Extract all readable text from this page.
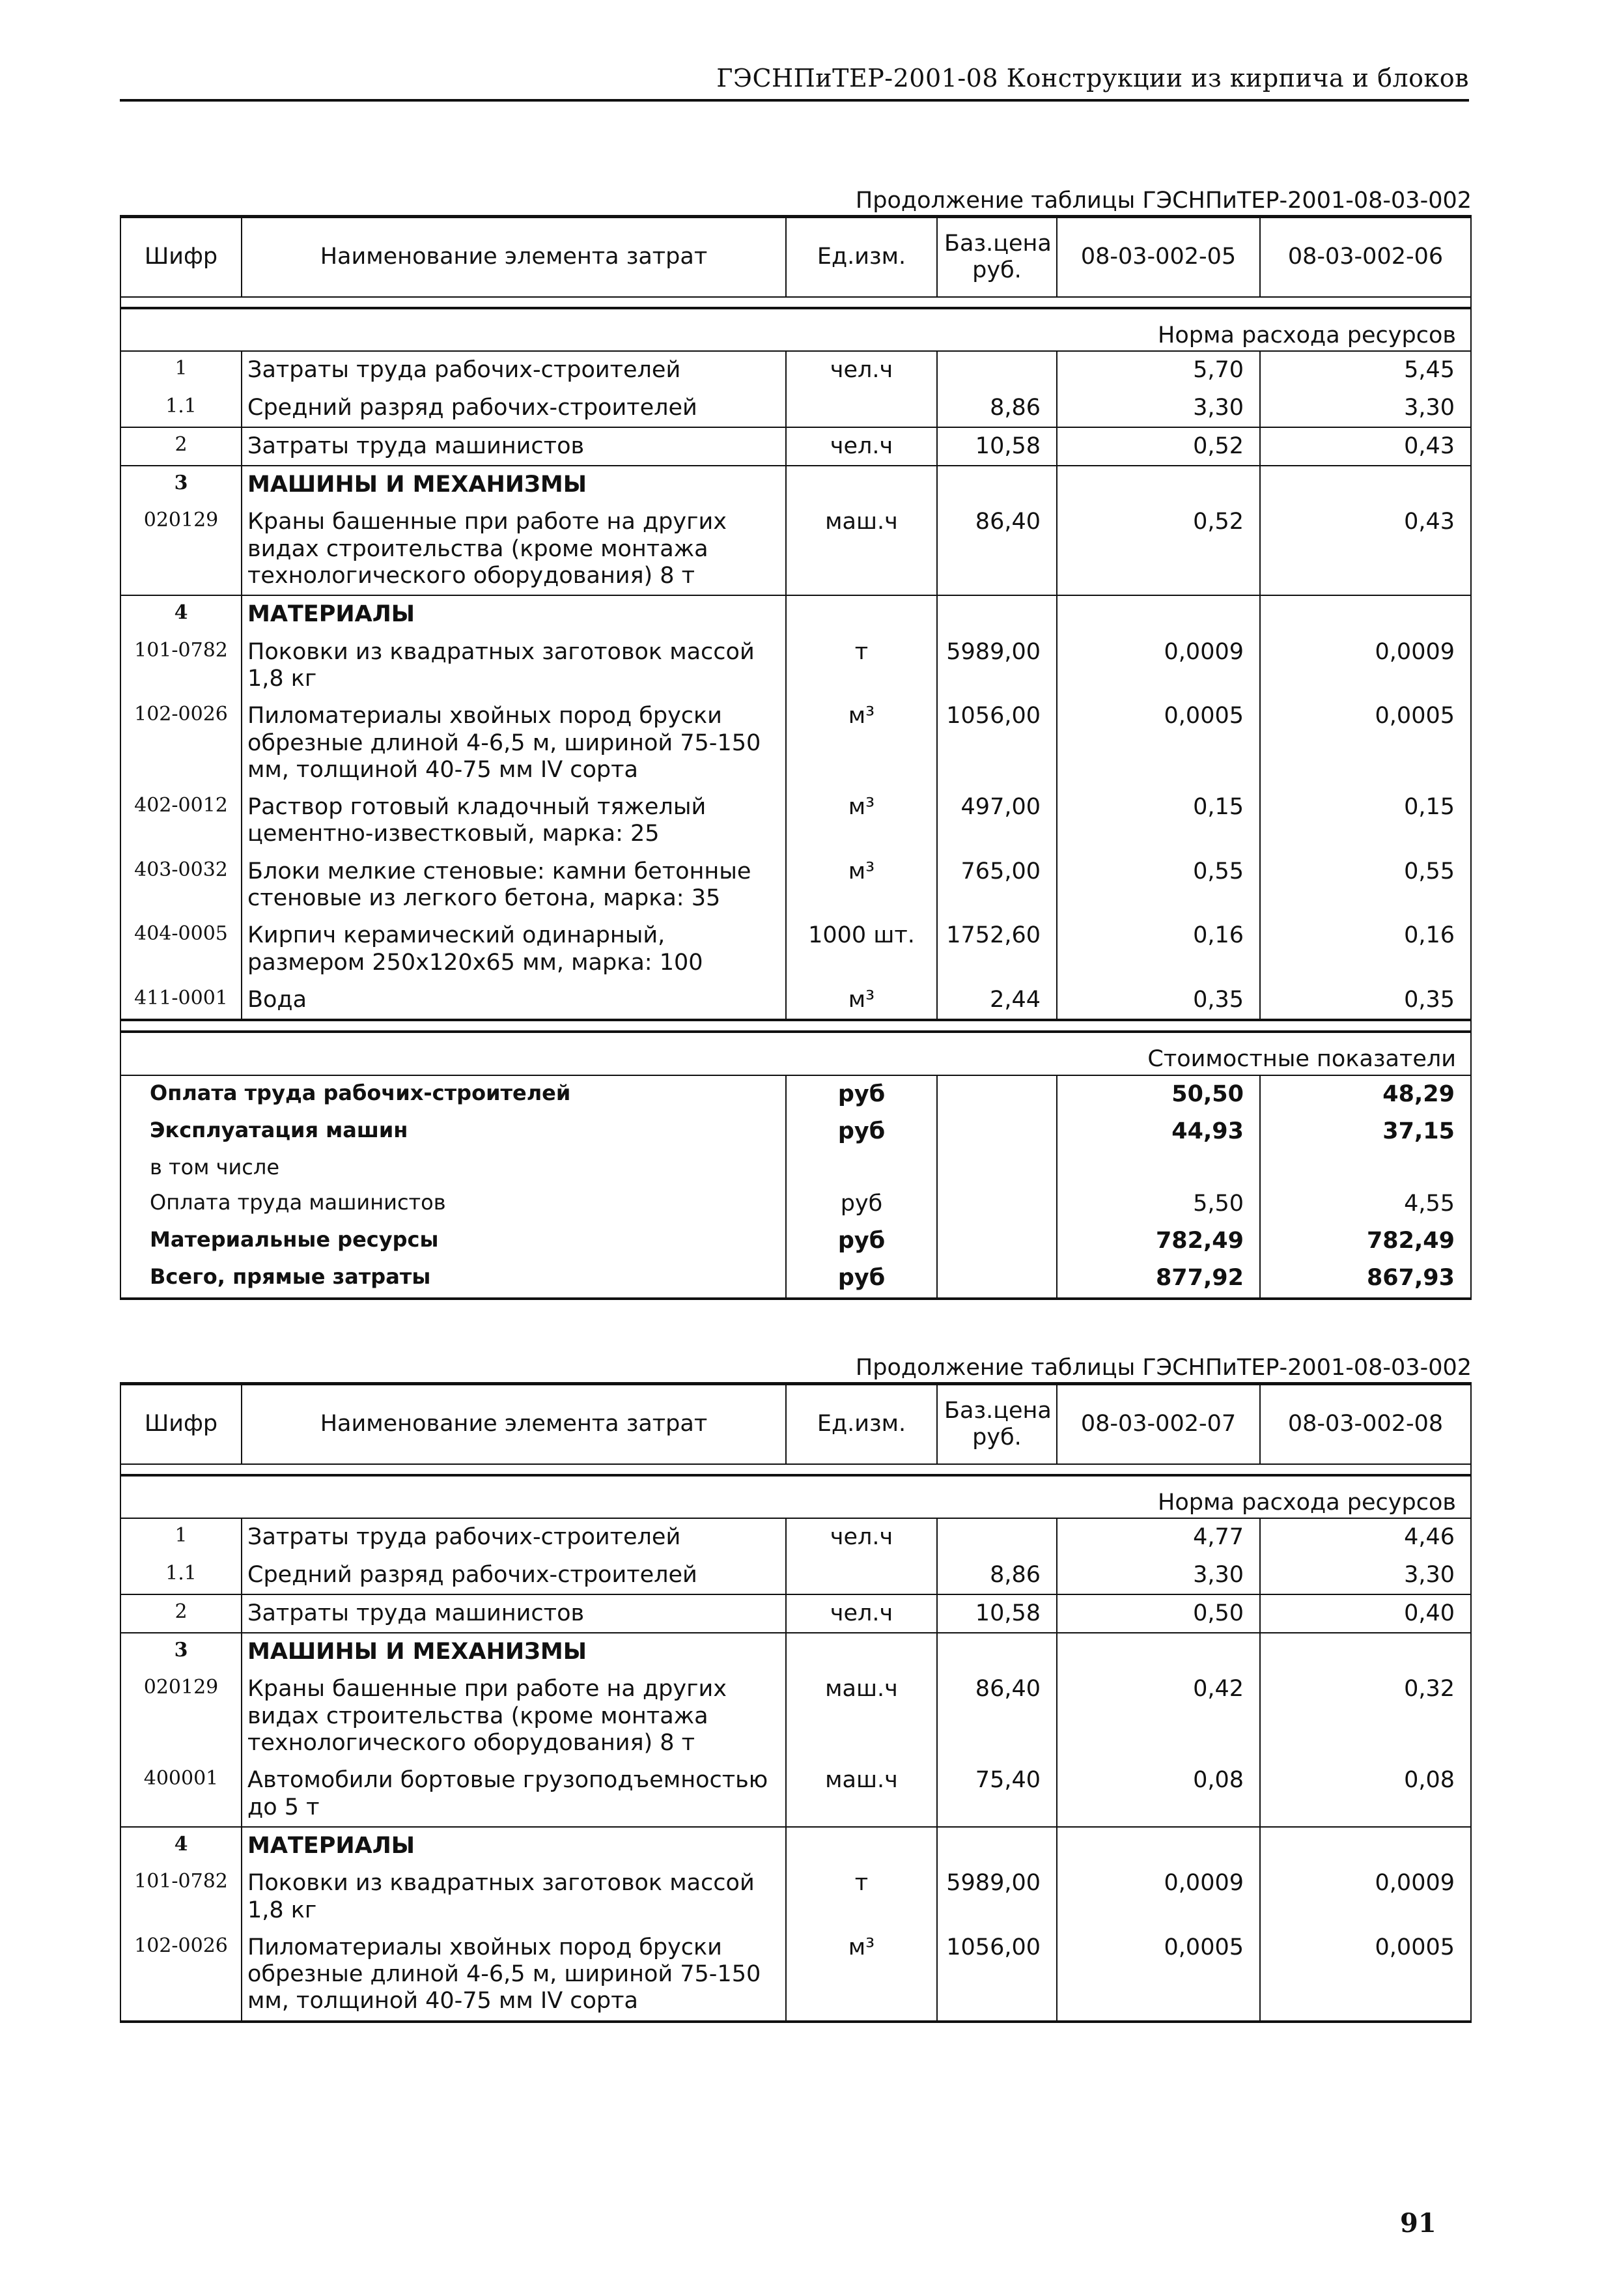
ГЭСНПиТЕР-2001-08 Конструкции из кирпича и блоков
Продолжение таблицы ГЭСНПиТЕР-2001-08-03-002
Шифр	Наименование элемента затрат	Ед.изм.	Баз.цена руб.	08-03-002-05	08-03-002-06

Норма расхода ресурсов					
1	Затраты труда рабочих-строителей	чел.ч		5,70	5,45
1.1	Средний разряд рабочих-строителей		8,86	3,30	3,30
2	Затраты труда машинистов	чел.ч	10,58	0,52	0,43
3	МАШИНЫ И МЕХАНИЗМЫ				
020129	Краны башенные при работе на других видах строительства (кроме монтажа технологического оборудования) 8 т	маш.ч	86,40	0,52	0,43
4	МАТЕРИАЛЫ				
101-0782	Поковки из квадратных заготовок массой 1,8 кг	т	5989,00	0,0009	0,0009
102-0026	Пиломатериалы хвойных пород бруски обрезные длиной 4-6,5 м, шириной 75-150 мм, толщиной 40-75 мм IV сорта	м³	1056,00	0,0005	0,0005
402-0012	Раствор готовый кладочный тяжелый цементно-известковый, марка: 25	м³	497,00	0,15	0,15
403-0032	Блоки мелкие стеновые: камни бетонные стеновые из легкого бетона, марка: 35	м³	765,00	0,55	0,55
404-0005	Кирпич керамический одинарный, размером 250x120x65 мм, марка: 100	1000 шт.	1752,60	0,16	0,16
411-0001	Вода	м³	2,44	0,35	0,35

Стоимостные показатели					
Оплата труда рабочих-строителей		руб		50,50	48,29
Эксплуатация машин		руб		44,93	37,15
в том числе					
Оплата труда машинистов		руб		5,50	4,55
Материальные ресурсы		руб		782,49	782,49
Всего, прямые затраты		руб		877,92	867,93
Продолжение таблицы ГЭСНПиТЕР-2001-08-03-002
Шифр	Наименование элемента затрат	Ед.изм.	Баз.цена руб.	08-03-002-07	08-03-002-08

Норма расхода ресурсов					
1	Затраты труда рабочих-строителей	чел.ч		4,77	4,46
1.1	Средний разряд рабочих-строителей		8,86	3,30	3,30
2	Затраты труда машинистов	чел.ч	10,58	0,50	0,40
3	МАШИНЫ И МЕХАНИЗМЫ				
020129	Краны башенные при работе на других видах строительства (кроме монтажа технологического оборудования) 8 т	маш.ч	86,40	0,42	0,32
400001	Автомобили бортовые грузоподъемностью до 5 т	маш.ч	75,40	0,08	0,08
4	МАТЕРИАЛЫ				
101-0782	Поковки из квадратных заготовок массой 1,8 кг	т	5989,00	0,0009	0,0009
102-0026	Пиломатериалы хвойных пород бруски обрезные длиной 4-6,5 м, шириной 75-150 мм, толщиной 40-75 мм IV сорта	м³	1056,00	0,0005	0,0005
91
